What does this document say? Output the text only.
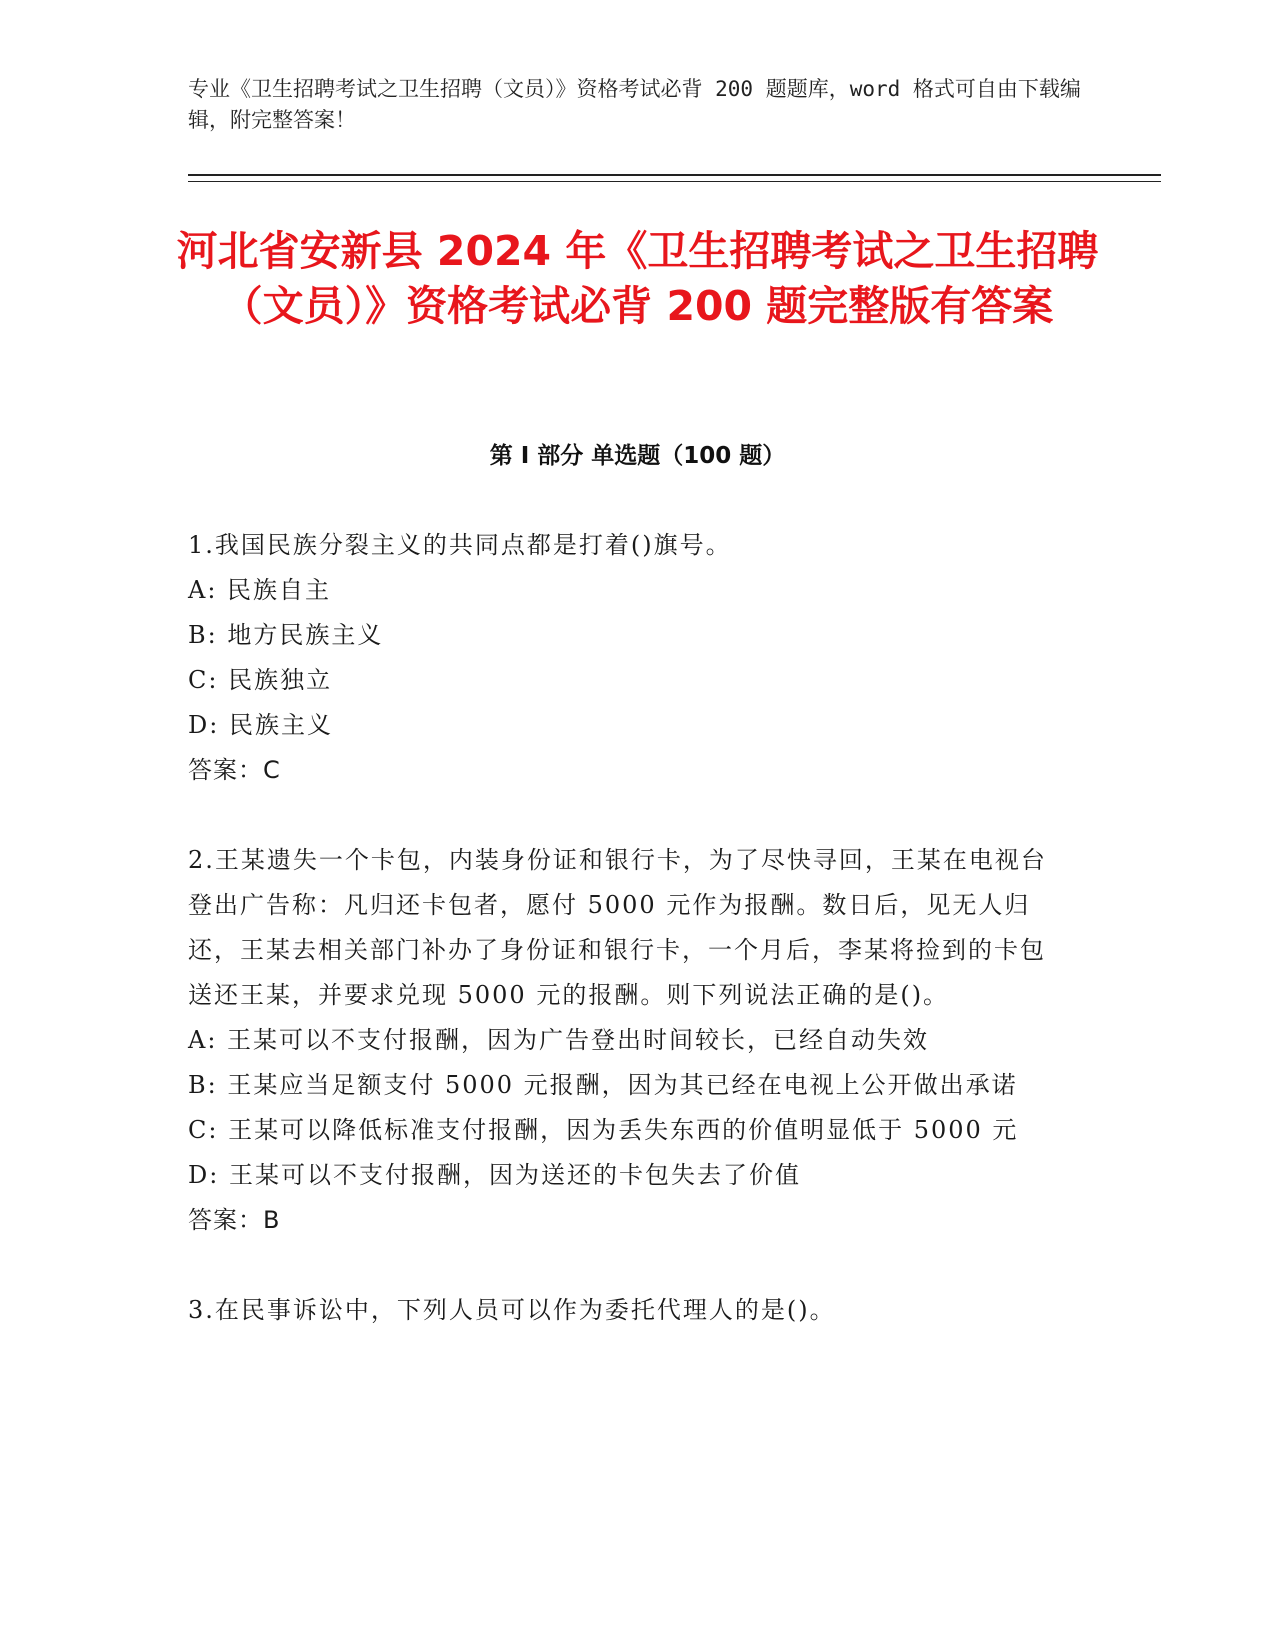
专业《卫生招聘考试之卫生招聘（文员）》资格考试必背 200 题题库，word 格式可自由下载编辑，附完整答案！
河北省安新县 2024 年《卫生招聘考试之卫生招聘（文员）》资格考试必背 200 题完整版有答案
第 I 部分 单选题（100 题）
1.我国民族分裂主义的共同点都是打着()旗号。
A: 民族自主
B: 地方民族主义
C: 民族独立
D: 民族主义
答案：C
2.王某遗失一个卡包，内装身份证和银行卡，为了尽快寻回，王某在电视台登出广告称：凡归还卡包者，愿付 5000 元作为报酬。数日后，见无人归还，王某去相关部门补办了身份证和银行卡，一个月后，李某将捡到的卡包送还王某，并要求兑现 5000 元的报酬。则下列说法正确的是()。
A: 王某可以不支付报酬，因为广告登出时间较长，已经自动失效
B: 王某应当足额支付 5000 元报酬，因为其已经在电视上公开做出承诺
C: 王某可以降低标准支付报酬，因为丢失东西的价值明显低于 5000 元
D: 王某可以不支付报酬，因为送还的卡包失去了价值
答案：B
3.在民事诉讼中，下列人员可以作为委托代理人的是()。
